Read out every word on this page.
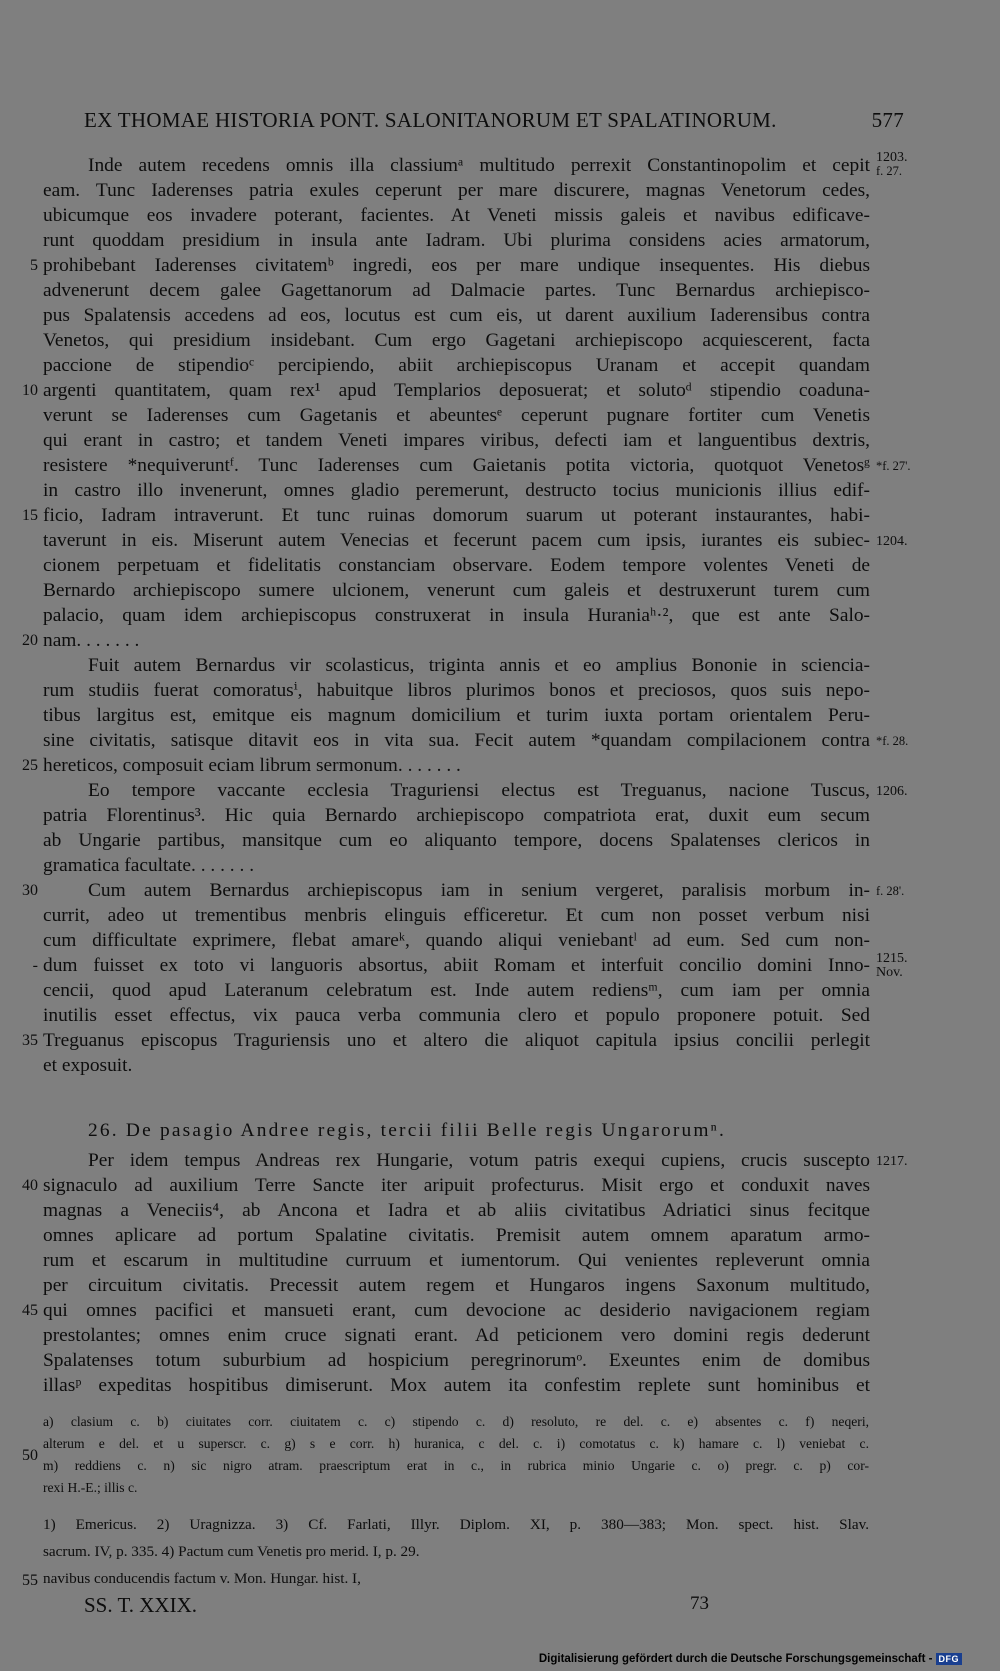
EX THOMAE HISTORIA PONT. SALONITANORUM ET SPALATINORUM.	577
Inde autem recedens omnis illa classiumᵃ multitudo perrexit Constantinopolim et cepit
eam. Tunc Iaderenses patria exules ceperunt per mare discurere, magnas Venetorum cedes,
ubicumque eos invadere poterant, facientes. At Veneti missis galeis et navibus edificave-
runt quoddam presidium in insula ante Iadram. Ubi plurima considens acies armatorum,
prohibebant Iaderenses civitatemᵇ ingredi, eos per mare undique insequentes. His diebus
advenerunt decem galee Gagettanorum ad Dalmacie partes. Tunc Bernardus archiepisco-
pus Spalatensis accedens ad eos, locutus est cum eis, ut darent auxilium Iaderensibus contra
Venetos, qui presidium insidebant. Cum ergo Gagetani archiepiscopo acquiescerent, facta
paccione de stipendioᶜ percipiendo, abiit archiepiscopus Uranam et accepit quandam
argenti quantitatem, quam rex¹ apud Templarios deposuerat; et solutoᵈ stipendio coaduna-
verunt se Iaderenses cum Gagetanis et abeuntesᵉ ceperunt pugnare fortiter cum Venetis
qui erant in castro; et tandem Veneti impares viribus, defecti iam et languentibus dextris,
resistere *nequiveruntᶠ. Tunc Iaderenses cum Gaietanis potita victoria, quotquot Venetosᵍ
in castro illo invenerunt, omnes gladio peremerunt, destructo tocius municionis illius edif-
ficio, Iadram intraverunt. Et tunc ruinas domorum suarum ut poterant instaurantes, habi-
taverunt in eis. Miserunt autem Venecias et fecerunt pacem cum ipsis, iurantes eis subiec-
cionem perpetuam et fidelitatis constanciam observare. Eodem tempore volentes Veneti de
Bernardo archiepiscopo sumere ulcionem, venerunt cum galeis et destruxerunt turem cum
palacio, quam idem archiepiscopus construxerat in insula Huraniaʰ·², que est ante Salo-
nam. . . . . . .
Fuit autem Bernardus vir scolasticus, triginta annis et eo amplius Bononie in sciencia-
rum studiis fuerat comoratusⁱ, habuitque libros plurimos bonos et preciosos, quos suis nepo-
tibus largitus est, emitque eis magnum domicilium et turim iuxta portam orientalem Peru-
sine civitatis, satisque ditavit eos in vita sua. Fecit autem *quandam compilacionem contra
hereticos, composuit eciam librum sermonum. . . . . . .
Eo tempore vaccante ecclesia Traguriensi electus est Treguanus, nacione Tuscus,
patria Florentinus³. Hic quia Bernardo archiepiscopo compatriota erat, duxit eum secum
ab Ungarie partibus, mansitque cum eo aliquanto tempore, docens Spalatenses clericos in
gramatica facultate. . . . . . .
Cum autem Bernardus archiepiscopus iam in senium vergeret, paralisis morbum in-
currit, adeo ut trementibus menbris elinguis efficeretur. Et cum non posset verbum nisi
cum difficultate exprimere, flebat amareᵏ, quando aliqui veniebantˡ ad eum. Sed cum non-
dum fuisset ex toto vi languoris absortus, abiit Romam et interfuit concilio domini Inno-
cencii, quod apud Lateranum celebratum est. Inde autem rediensᵐ, cum iam per omnia
inutilis esset effectus, vix pauca verba communia clero et populo proponere potuit. Sed
Treguanus episcopus Traguriensis uno et altero die aliquot capitula ipsius concilii perlegit
et exposuit.
26. De pasagio Andree regis, tercii filii Belle regis Ungarorumⁿ.
Per idem tempus Andreas rex Hungarie, votum patris exequi cupiens, crucis suscepto
signaculo ad auxilium Terre Sancte iter aripuit profecturus. Misit ergo et conduxit naves
magnas a Veneciis⁴, ab Ancona et Iadra et ab aliis civitatibus Adriatici sinus fecitque
omnes aplicare ad portum Spalatine civitatis. Premisit autem omnem aparatum armo-
rum et escarum in multitudine curruum et iumentorum. Qui venientes repleverunt omnia
per circuitum civitatis. Precessit autem regem et Hungaros ingens Saxonum multitudo,
qui omnes pacifici et mansueti erant, cum devocione ac desiderio navigacionem regiam
prestolantes; omnes enim cruce signati erant. Ad peticionem vero domini regis dederunt
Spalatenses totum suburbium ad hospicium peregrinorumᵒ. Exeuntes enim de domibus
illasᵖ expeditas hospitibus dimiserunt. Mox autem ita confestim replete sunt hominibus et
5
10
15
20
25
30
-
35
40
45
50
55
1203.
f. 27.
*f. 27'.
1204.
*f. 28.
1206.
f. 28'.
1215.
Nov.
1217.
a) clasium c. b) ciuitates corr. ciuitatem c. c) stipendo c. d) resoluto, re del. c. e) absentes c. f) neqeri,
alterum e del. et u superscr. c. g) s e corr. h) huranica, c del. c. i) comotatus c. k) hamare c. l) veniebat c.
m) reddiens c. n) sic nigro atram. praescriptum erat in c., in rubrica minio Ungarie c. o) pregr. c. p) cor-
rexi H.-E.; illis c.
1) Emericus. 2) Uragnizza. 3) Cf. Farlati, Illyr. Diplom. XI, p. 380—383; Mon. spect. hist. Slav.
sacrum. IV, p. 335. 4) Pactum cum Venetis pro merid. I, p. 29.
navibus conducendis factum v. Mon. Hungar. hist. I,
SS. T. XXIX.	73
Digitalisierung gefördert durch die Deutsche Forschungsgemeinschaft - DFG
